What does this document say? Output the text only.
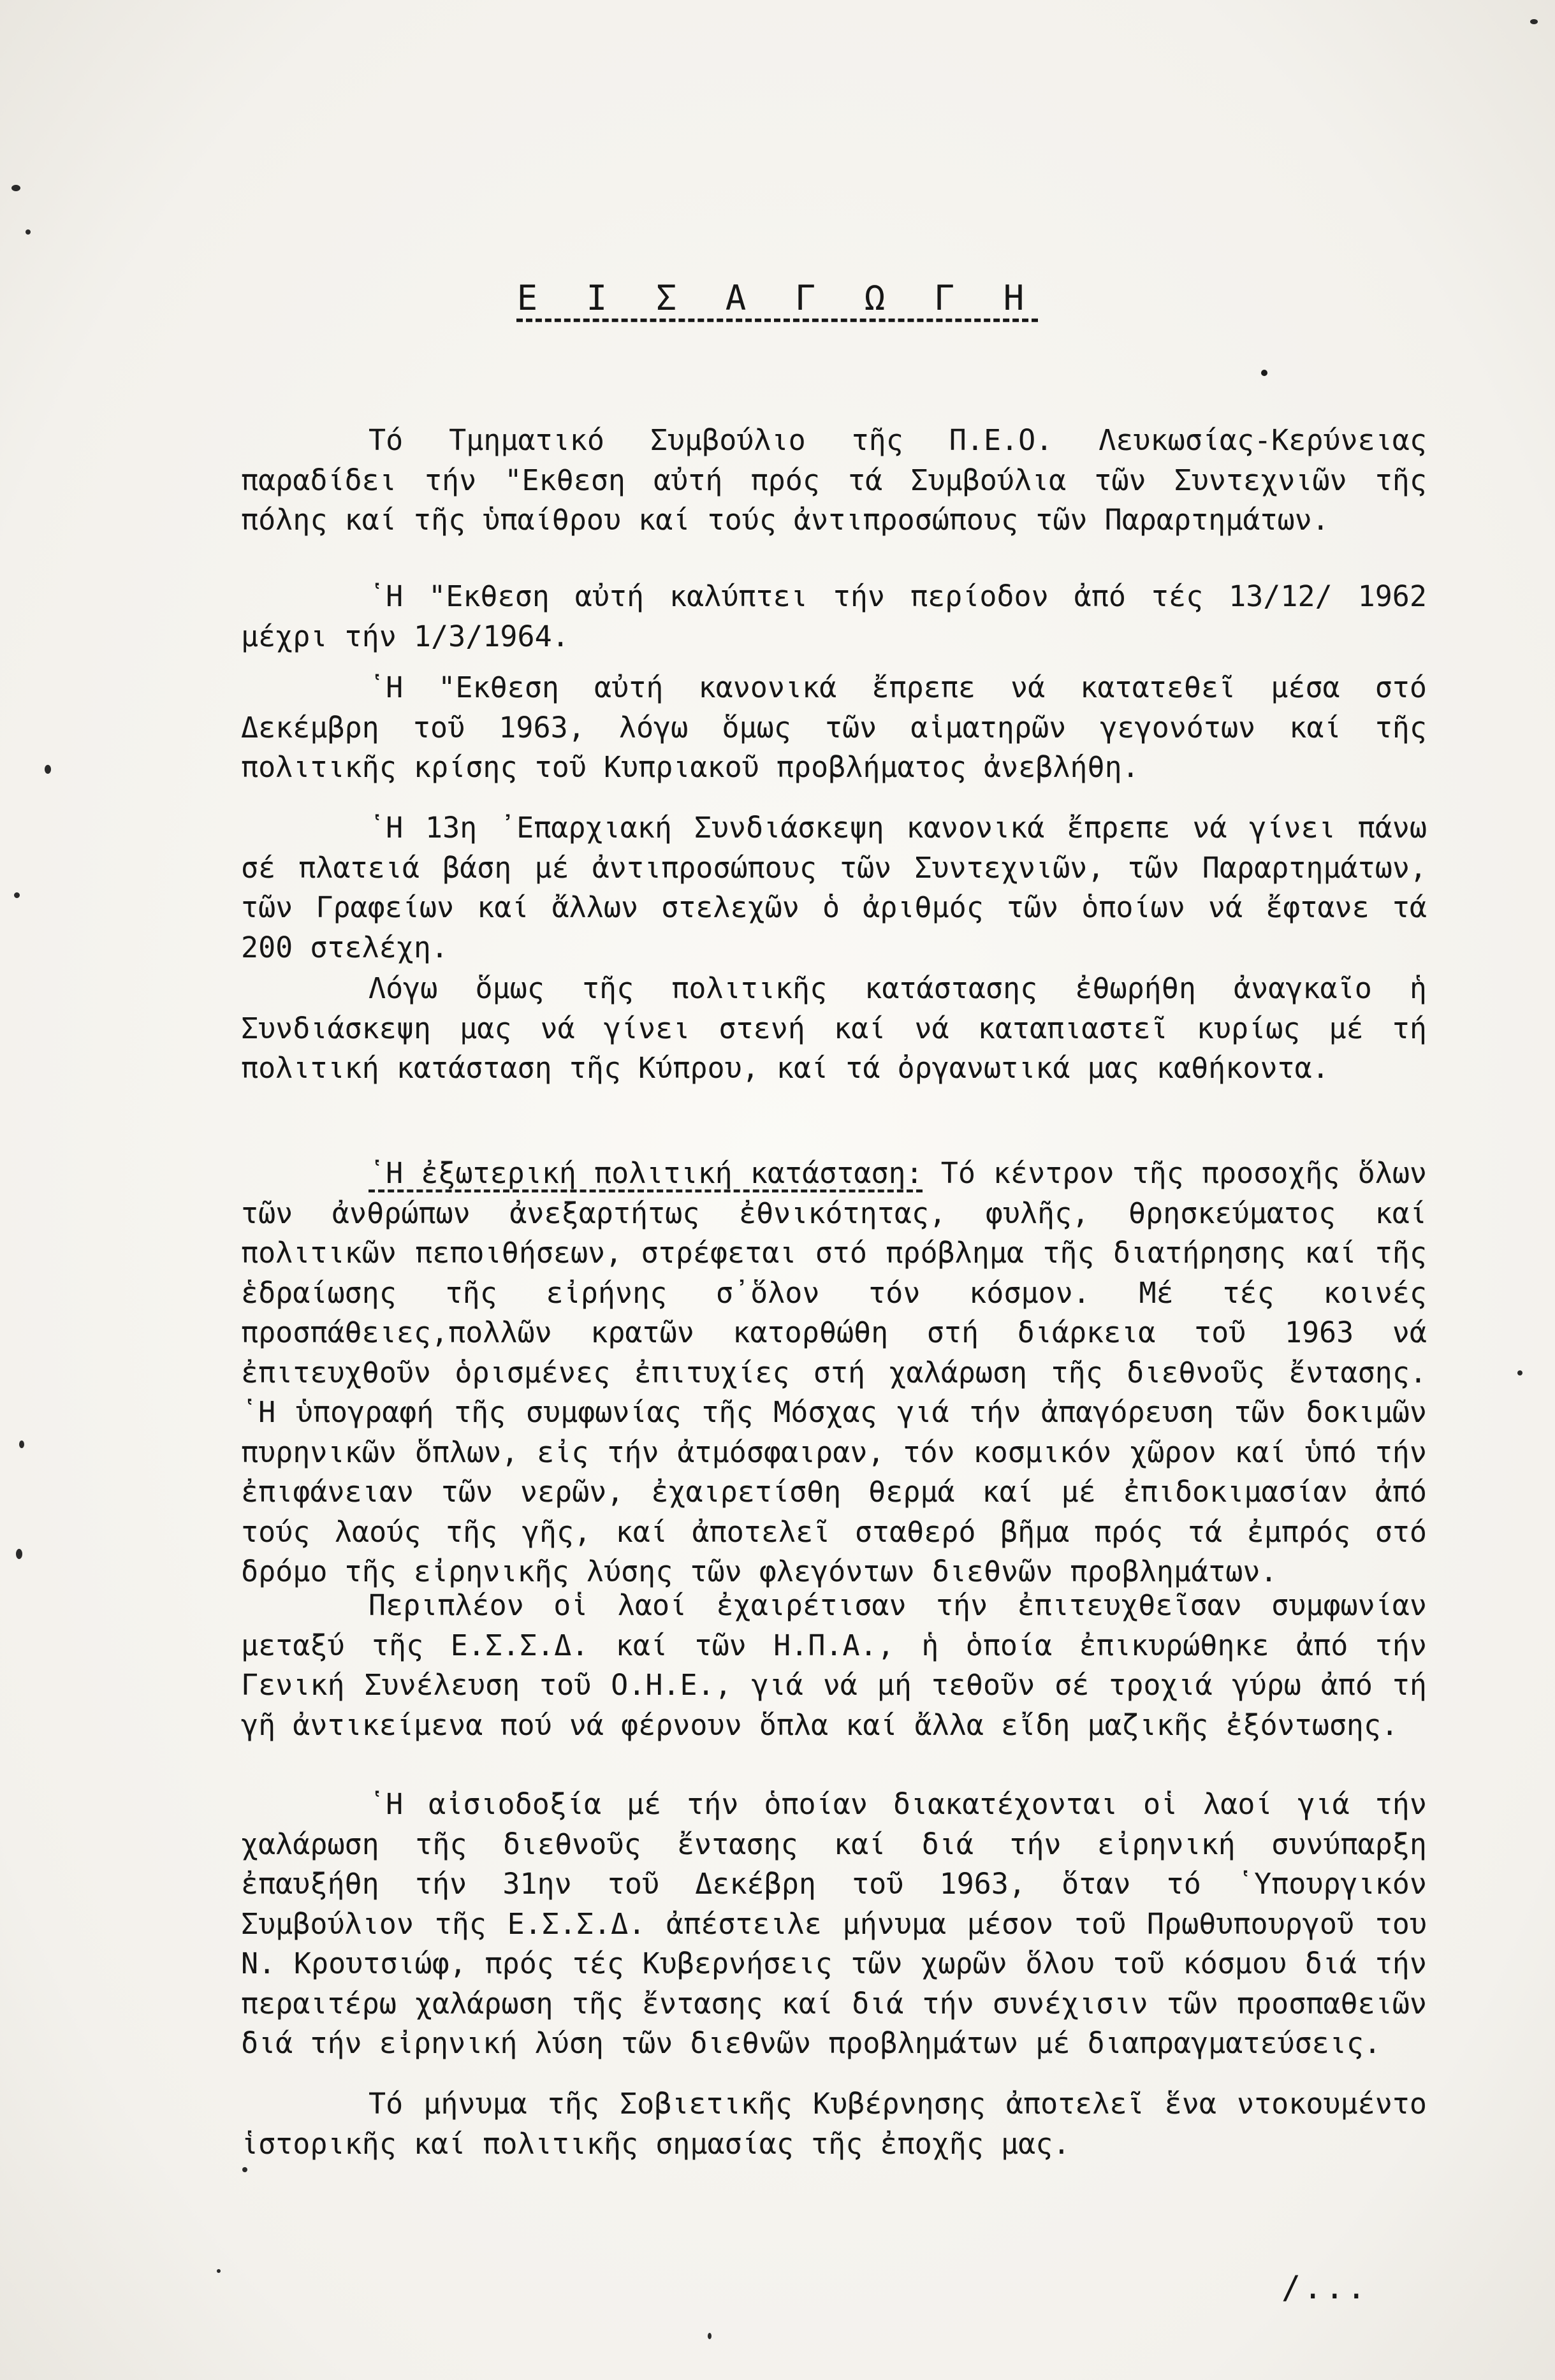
Ε Ι Σ Α Γ Ω Γ Η
Τό Τμηματικό Συμβούλιο τῆς Π.Ε.Ο. Λευκωσίας-Κερύνειας παραδίδει τήν "Εκθεση αὐτή πρός τά Συμβούλια τῶν Συντεχνιῶν τῆς πόλης καί τῆς ὑπαίθρου καί τούς ἀντιπροσώπους τῶν Παραρτημάτων.
῾Η "Εκθεση αὐτή καλύπτει τήν περίοδον ἀπό τές 13/12/ 1962 μέχρι τήν 1/3/1964.
῾Η "Εκθεση αὐτή κανονικά ἔπρεπε νά κατατεθεῖ μέσα στό Δεκέμβρη τοῦ 1963, λόγω ὅμως τῶν αἱματηρῶν γεγονότων καί τῆς πολιτικῆς κρίσης τοῦ Κυπριακοῦ προβλήματος ἀνεβλήθη.
῾Η 13η ᾿Επαρχιακή Συνδιάσκεψη κανονικά ἔπρεπε νά γίνει πάνω σέ πλατειά βάση μέ ἀντιπροσώπους τῶν Συντεχνιῶν, τῶν Παραρτημάτων, τῶν Γραφείων καί ἄλλων στελεχῶν ὁ ἀριθμός τῶν ὁποίων νά ἔφτανε τά 200 στελέχη.
Λόγω ὅμως τῆς πολιτικῆς κατάστασης ἐθωρήθη ἀναγκαῖο ἡ Συνδιάσκεψη μας νά γίνει στενή καί νά καταπιαστεῖ κυρίως μέ τή πολιτική κατάσταση τῆς Κύπρου, καί τά ὀργανωτικά μας καθήκοντα.
῾Η ἐξωτερική πολιτική κατάσταση: Τό κέντρον τῆς προσοχῆς ὅλων τῶν ἀνθρώπων ἀνεξαρτήτως ἐθνικότητας, φυλῆς, θρησκεύματος καί πολιτικῶν πεποιθήσεων, στρέφεται στό πρόβλημα τῆς διατήρησης καί τῆς ἑδραίωσης τῆς εἰρήνης σ᾿ὅλον τόν κόσμον. Μέ τές κοινές προσπάθειες,πολλῶν κρατῶν κατορθώθη στή διάρκεια τοῦ 1963 νά ἐπιτευχθοῦν ὁρισμένες ἐπιτυχίες στή χαλάρωση τῆς διεθνοῦς ἔντασης. ῾Η ὑπογραφή τῆς συμφωνίας τῆς Μόσχας γιά τήν ἀπαγόρευση τῶν δοκιμῶν πυρηνικῶν ὅπλων, εἰς τήν ἀτμόσφαιραν, τόν κοσμικόν χῶρον καί ὑπό τήν ἐπιφάνειαν τῶν νερῶν, ἐχαιρετίσθη θερμά καί μέ ἐπιδοκιμασίαν ἀπό τούς λαούς τῆς γῆς, καί ἀποτελεῖ σταθερό βῆμα πρός τά ἐμπρός στό δρόμο τῆς εἰρηνικῆς λύσης τῶν φλεγόντων διεθνῶν προβλημάτων.
Περιπλέον οἱ λαοί ἐχαιρέτισαν τήν ἐπιτευχθεῖσαν συμφωνίαν μεταξύ τῆς Ε.Σ.Σ.Δ. καί τῶν Η.Π.Α., ἡ ὁποία ἐπικυρώθηκε ἀπό τήν Γενική Συνέλευση τοῦ Ο.Η.Ε., γιά νά μή τεθοῦν σέ τροχιά γύρω ἀπό τή γῆ ἀντικείμενα πού νά φέρνουν ὅπλα καί ἄλλα εἴδη μαζικῆς ἐξόντωσης.
῾Η αἰσιοδοξία μέ τήν ὁποίαν διακατέχονται οἱ λαοί γιά τήν χαλάρωση τῆς διεθνοῦς ἔντασης καί διά τήν εἰρηνική συνύπαρξη ἐπαυξήθη τήν 31ην τοῦ Δεκέβρη τοῦ 1963, ὅταν τό ῾Υπουργικόν Συμβούλιον τῆς Ε.Σ.Σ.Δ. ἀπέστειλε μήνυμα μέσον τοῦ Πρωθυπουργοῦ του Ν. Κρουτσιώφ, πρός τές Κυβερνήσεις τῶν χωρῶν ὅλου τοῦ κόσμου διά τήν περαιτέρω χαλάρωση τῆς ἔντασης καί διά τήν συνέχισιν τῶν προσπαθειῶν διά τήν εἰρηνική λύση τῶν διεθνῶν προβλημάτων μέ διαπραγματεύσεις.
Τό μήνυμα τῆς Σοβιετικῆς Κυβέρνησης ἀποτελεῖ ἕνα ντοκουμέντο ἱστορικῆς καί πολιτικῆς σημασίας τῆς ἐποχῆς μας.
/...
